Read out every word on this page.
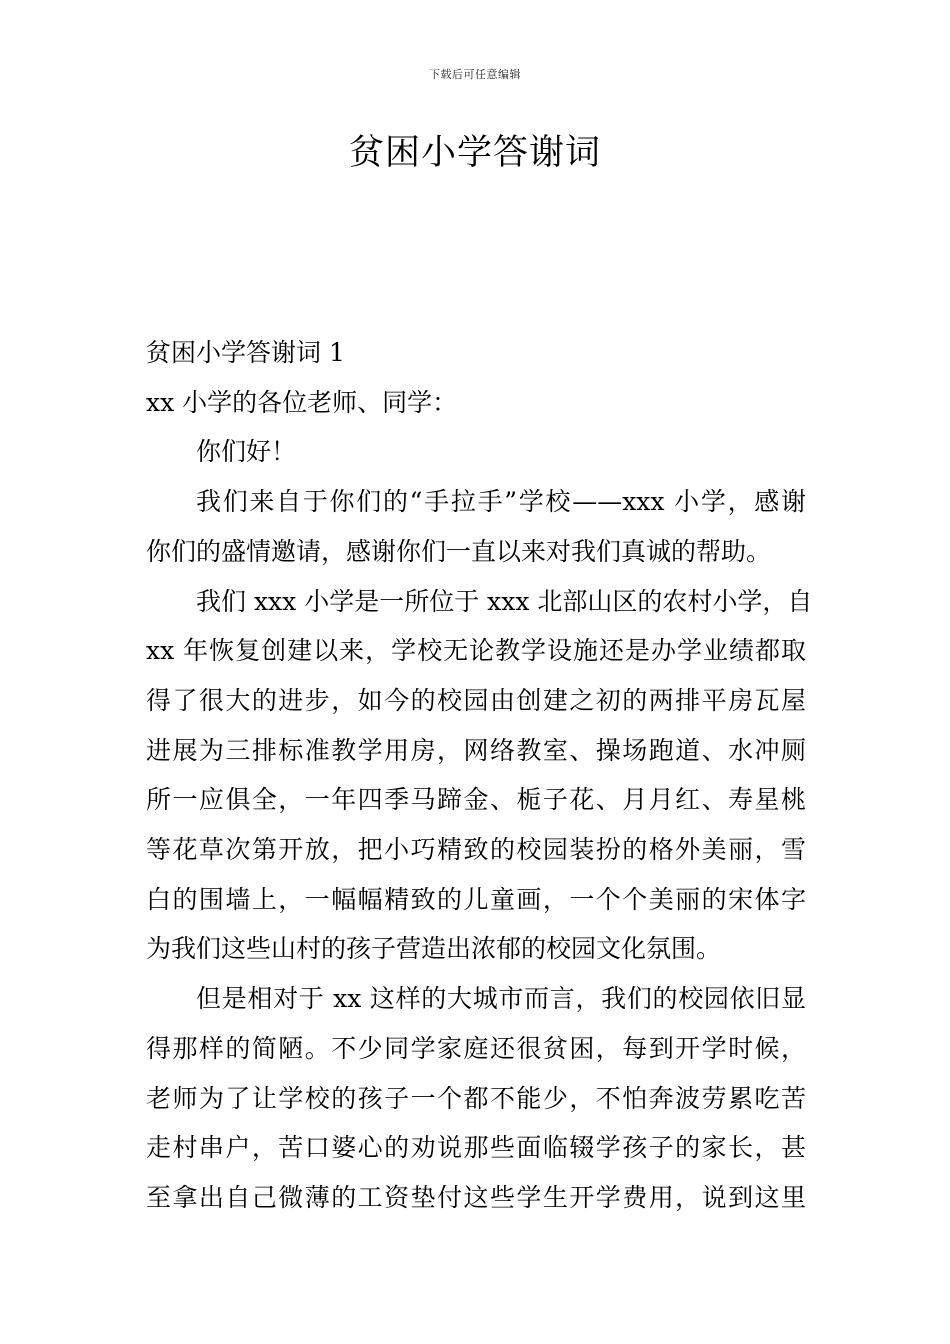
下载后可任意编辑
贫困小学答谢词

贫困小学答谢词 1

xx 小学的各位老师、同学：

你们好！

我们来自于你们的“手拉手”学校——xxx 小学，感谢
你们的盛情邀请，感谢你们一直以来对我们真诚的帮助。

我们 xxx 小学是一所位于 xxx 北部山区的农村小学，自
xx 年恢复创建以来，学校无论教学设施还是办学业绩都取
得了很大的进步，如今的校园由创建之初的两排平房瓦屋
进展为三排标准教学用房，网络教室、操场跑道、水冲厕
所一应俱全，一年四季马蹄金、栀子花、月月红、寿星桃
等花草次第开放，把小巧精致的校园装扮的格外美丽，雪
白的围墙上，一幅幅精致的儿童画，一个个美丽的宋体字
为我们这些山村的孩子营造出浓郁的校园文化氛围。

但是相对于 xx 这样的大城市而言，我们的校园依旧显
得那样的简陋。不少同学家庭还很贫困，每到开学时候，
老师为了让学校的孩子一个都不能少，不怕奔波劳累吃苦
走村串户，苦口婆心的劝说那些面临辍学孩子的家长，甚
至拿出自己微薄的工资垫付这些学生开学费用，说到这里
